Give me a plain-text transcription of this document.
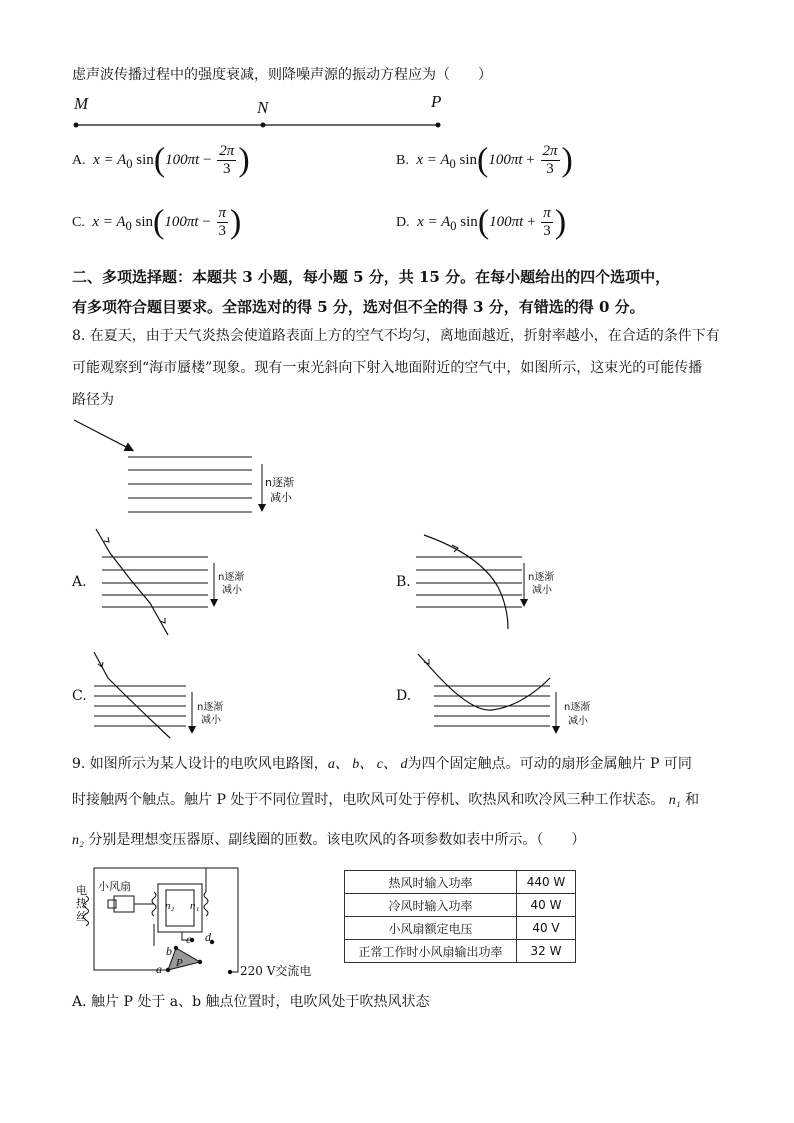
虑声波传播过程中的强度衰减，则降噪声源的振动方程应为（　　）
M	N	P
A. $x = A_0$ $\sin(100\pi t - \frac{2\pi}{3}$ )	B. $x = A_0$ $\sin(100\pi t + \frac{2\pi}{3}$ )
C. $x = A_0$ $\sin(100\pi t - \frac{\pi}{3}$ )	D. $x = A_0$ $\sin(100\pi t + \frac{\pi}{3}$ )
二、多项选择题：本题共 3 小题，每小题 5 分，共 15 分。在每小题给出的四个选项中，
有多项符合题目要求。全部选对的得 5 分，选对但不全的得 3 分，有错选的得 0 分。
8. 在夏天，由于天气炎热会使道路表面上方的空气不均匀，离地面越近，折射率越小，在合适的条件下有
可能观察到“海市蜃楼”现象。现有一束光斜向下射入地面附近的空气中，如图所示，这束光的可能传播
路径为
n逐渐
减小
A.	n逐渐
减小
B.	n逐渐
减小
C.
n逐渐
减小
D.
n逐渐
减小
9. 如图所示为某人设计的电吹风电路图，a、 b、 c、 d为四个固定触点。可动的扇形金属触片 P 可同
时接触两个触点。触片 P 处于不同位置时，电吹风可处于停机、吹热风和吹冷风三种工作状态。 n₁ 和
n₂ 分别是理想变压器原、副线圈的匝数。该电吹风的各项参数如表中所示。（　　）
电
热
丝
小风扇
n₂ n₁
c d
b
a P
220 V交流电
热风时输入功率	440 W
冷风时输入功率	40 W
小风扇额定电压	40 V
正常工作时小风扇输出功率	32 W
A. 触片 P 处于 a、b 触点位置时，电吹风处于吹热风状态
